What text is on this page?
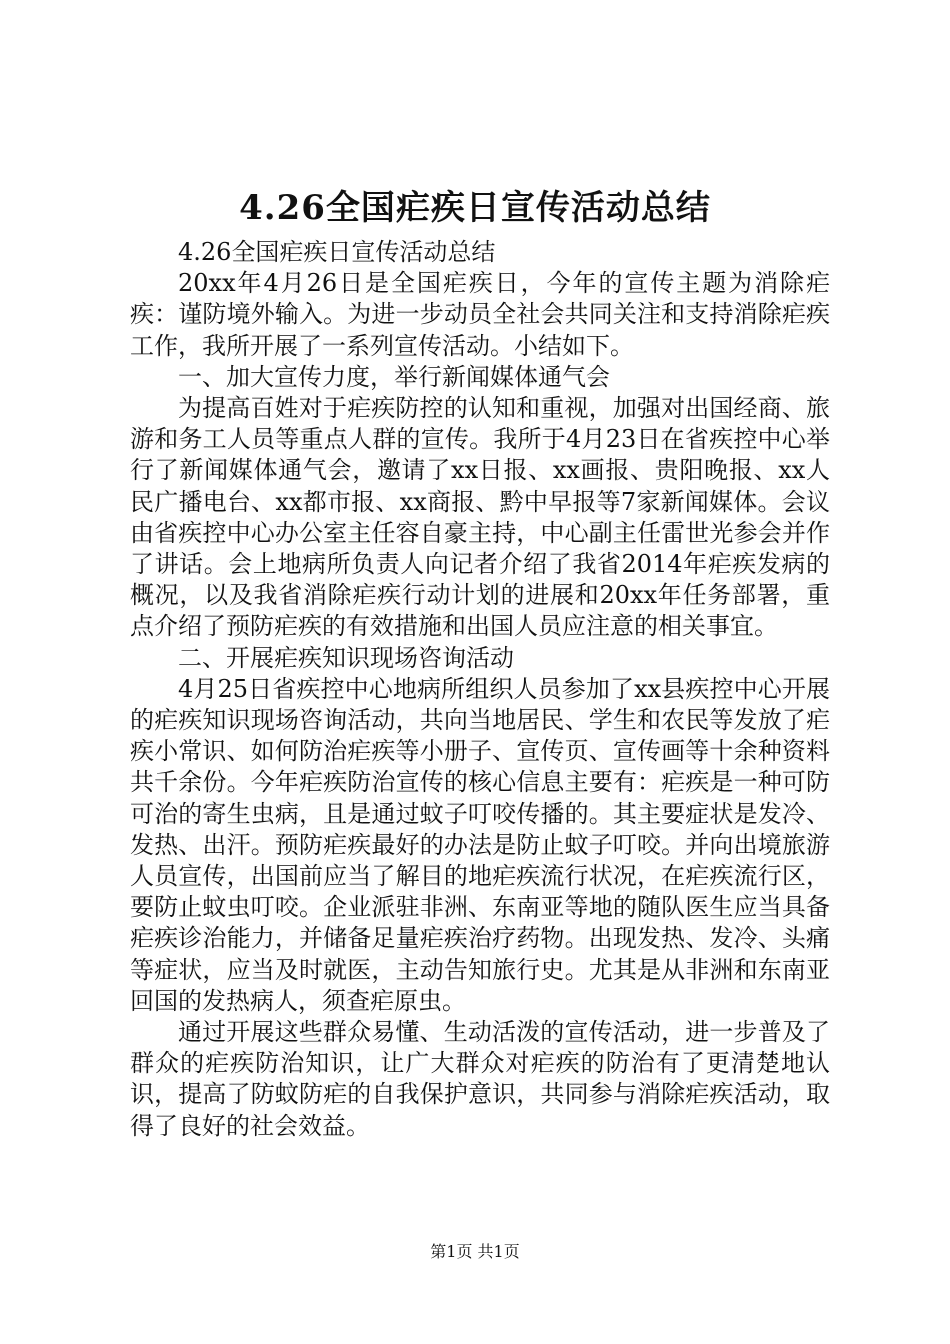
4.26全国疟疾日宣传活动总结

4.26全国疟疾日宣传活动总结

20xx年4月26日是全国疟疾日，今年的宣传主题为消除疟疾：谨防境外输入。为进一步动员全社会共同关注和支持消除疟疾工作，我所开展了一系列宣传活动。小结如下。

一、加大宣传力度，举行新闻媒体通气会

为提高百姓对于疟疾防控的认知和重视，加强对出国经商、旅游和务工人员等重点人群的宣传。我所于4月23日在省疾控中心举行了新闻媒体通气会，邀请了xx日报、xx画报、贵阳晚报、xx人民广播电台、xx都市报、xx商报、黔中早报等7家新闻媒体。会议由省疾控中心办公室主任容自豪主持，中心副主任雷世光参会并作了讲话。会上地病所负责人向记者介绍了我省2014年疟疾发病的概况，以及我省消除疟疾行动计划的进展和20xx年任务部署，重点介绍了预防疟疾的有效措施和出国人员应注意的相关事宜。

二、开展疟疾知识现场咨询活动

4月25日省疾控中心地病所组织人员参加了xx县疾控中心开展的疟疾知识现场咨询活动，共向当地居民、学生和农民等发放了疟疾小常识、如何防治疟疾等小册子、宣传页、宣传画等十余种资料共千余份。今年疟疾防治宣传的核心信息主要有：疟疾是一种可防可治的寄生虫病，且是通过蚊子叮咬传播的。其主要症状是发冷、发热、出汗。预防疟疾最好的办法是防止蚊子叮咬。并向出境旅游人员宣传，出国前应当了解目的地疟疾流行状况，在疟疾流行区，要防止蚊虫叮咬。企业派驻非洲、东南亚等地的随队医生应当具备疟疾诊治能力，并储备足量疟疾治疗药物。出现发热、发冷、头痛等症状，应当及时就医，主动告知旅行史。尤其是从非洲和东南亚回国的发热病人，须查疟原虫。

通过开展这些群众易懂、生动活泼的宣传活动，进一步普及了群众的疟疾防治知识，让广大群众对疟疾的防治有了更清楚地认识，提高了防蚊防疟的自我保护意识，共同参与消除疟疾活动，取得了良好的社会效益。

第1页 共1页
